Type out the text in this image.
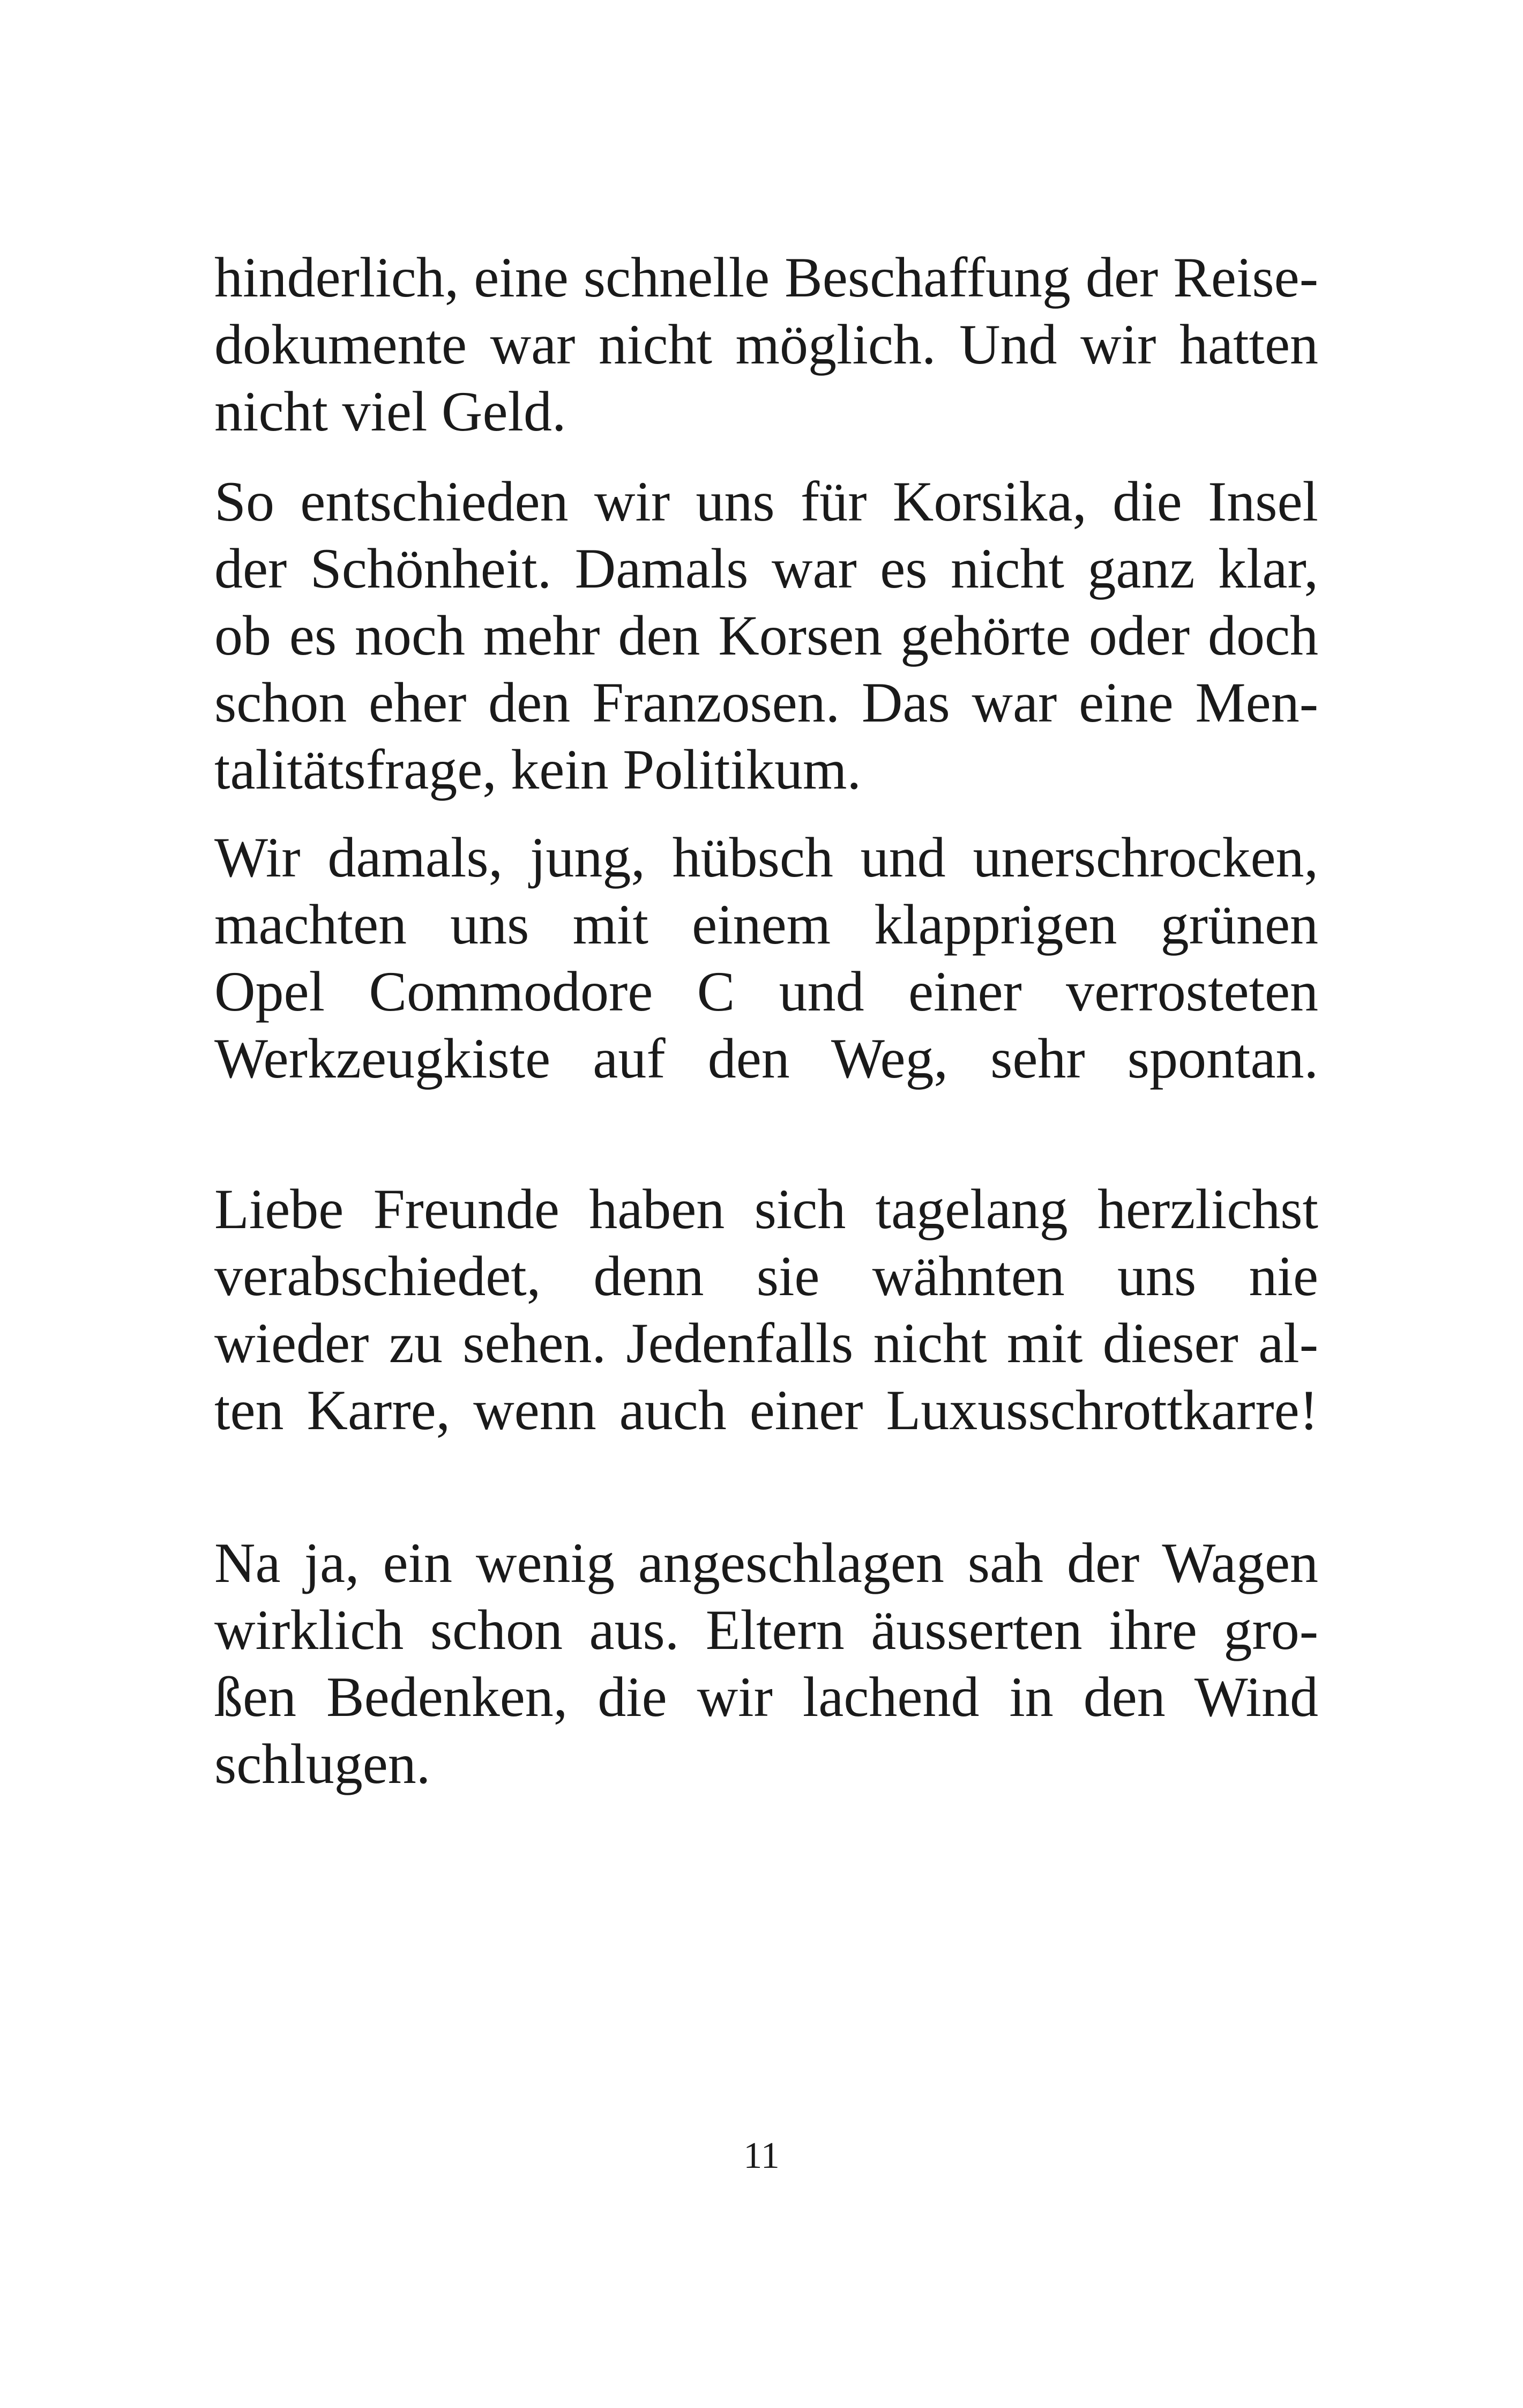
hinderlich, eine schnelle Beschaffung der Reise-
dokumente war nicht möglich. Und wir hatten
nicht viel Geld.
So entschieden wir uns für Korsika, die Insel
der Schönheit. Damals war es nicht ganz klar,
ob es noch mehr den Korsen gehörte oder doch
schon eher den Franzosen. Das war eine Men-
talitätsfrage, kein Politikum.
Wir damals, jung, hübsch und unerschrocken,
machten uns mit einem klapprigen grünen
Opel Commodore C und einer verrosteten
Werkzeugkiste auf den Weg, sehr spontan.
Liebe Freunde haben sich tagelang herzlichst
verabschiedet, denn sie wähnten uns nie
wieder zu sehen. Jedenfalls nicht mit dieser al-
ten Karre, wenn auch einer Luxusschrottkarre!
Na ja, ein wenig angeschlagen sah der Wagen
wirklich schon aus. Eltern äusserten ihre gro-
ßen Bedenken, die wir lachend in den Wind
schlugen.
11
